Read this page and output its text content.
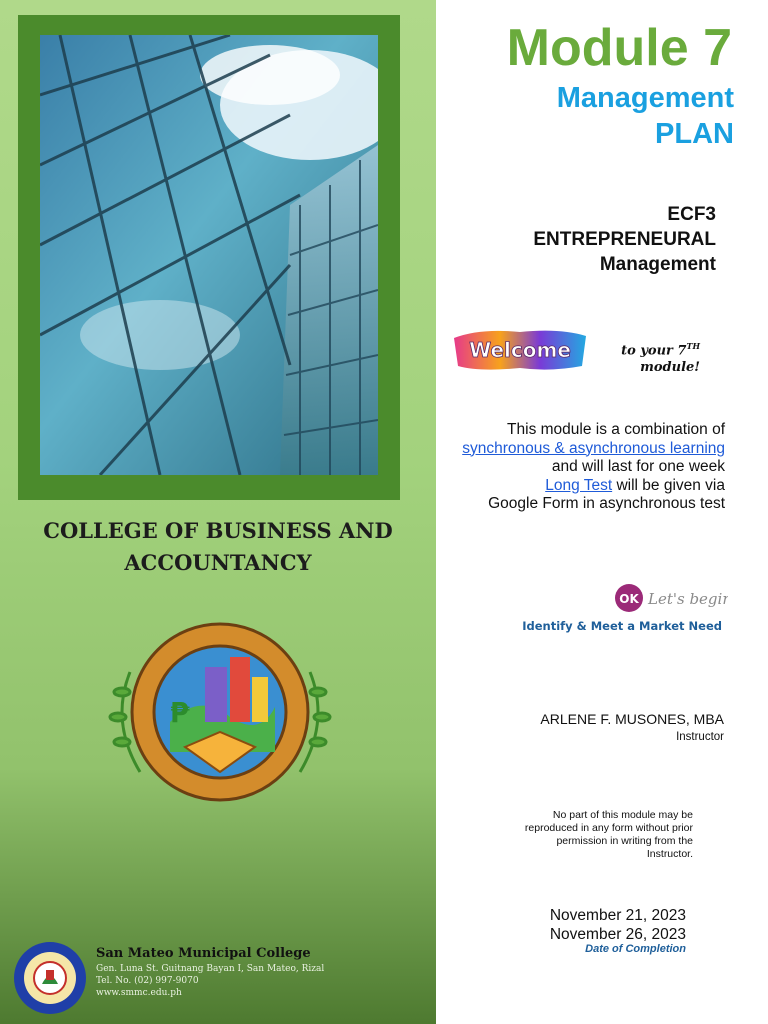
COLLEGE OF BUSINESS AND
ACCOUNTANCY
₱
San Mateo Municipal College
Gen. Luna St. Guitnang Bayan I, San Mateo, Rizal
Tel. No. (02) 997-9070
www.smmc.edu.ph
Module 7
Management
PLAN
ECF3
ENTREPRENEURAL
Management
Welcome	to your 7TH
module!
This module is a combination of
synchronous & asynchronous learning
and will last for one week
Long Test will be given via
Google Form in asynchronous test
OK Let's begin
Identify & Meet a Market Need
ARLENE F. MUSONES, MBA
Instructor
No part of this module may be
reproduced in any form without prior
permission in writing from the
Instructor.
November 21, 2023
November 26, 2023
Date of Completion
